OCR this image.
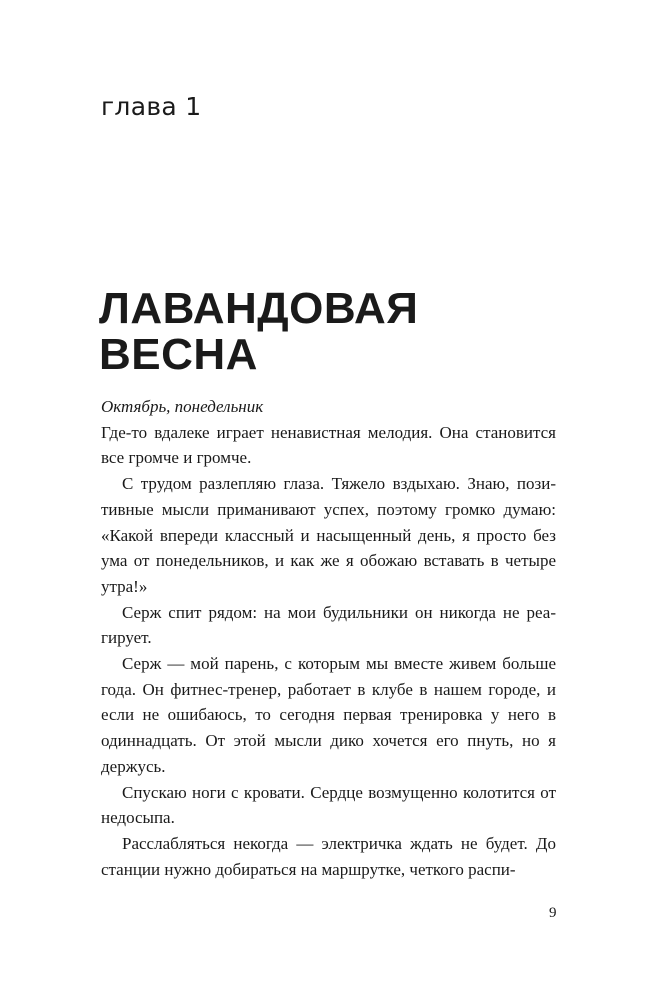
глава 1
ЛАВАНДОВАЯ
ВЕСНА

Октябрь, понедельник

Где-то вдалеке играет ненавистная мелодия. Она становится все громче и громче.

С трудом разлепляю глаза. Тяжело вздыхаю. Знаю, позитивные мысли приманивают успех, поэтому громко думаю: «Какой впереди классный и насыщенный день, я просто без ума от понедельников, и как же я обожаю вставать в четыре утра!»

Серж спит рядом: на мои будильники он никогда не реагирует.

Серж — мой парень, с которым мы вместе живем больше года. Он фитнес-тренер, работает в клубе в нашем городе, и если не ошибаюсь, то сегодня первая тренировка у него в одиннадцать. От этой мысли дико хочется его пнуть, но я держусь.

Спускаю ноги с кровати. Сердце возмущенно колотится от недосыпа.

Расслабляться некогда — электричка ждать не будет. До станции нужно добираться на маршрутке, четкого распи-

9
